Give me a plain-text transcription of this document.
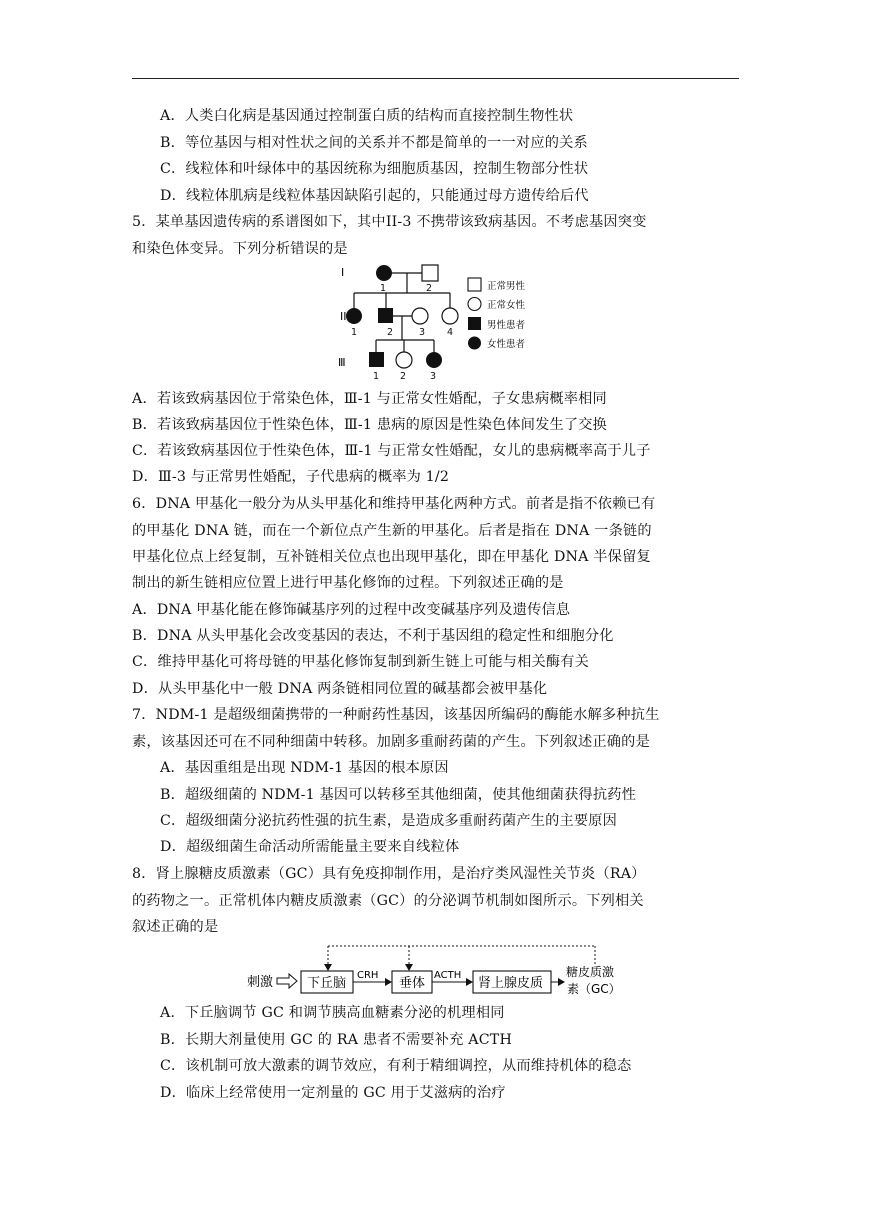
A．人类白化病是基因通过控制蛋白质的结构而直接控制生物性状
B．等位基因与相对性状之间的关系并不都是简单的一一对应的关系
C．线粒体和叶绿体中的基因统称为细胞质基因，控制生物部分性状
D．线粒体肌病是线粒体基因缺陷引起的，只能通过母方遗传给后代
5．某单基因遗传病的系谱图如下，其中II-3 不携带该致病基因。不考虑基因突变
和染色体变异。下列分析错误的是
I
II
Ⅲ
1	2
1	2	3 4
1 2	3
正常男性
正常女性
男性患者
女性患者
A．若该致病基因位于常染色体，Ⅲ-1 与正常女性婚配，子女患病概率相同
B．若该致病基因位于性染色体，Ⅲ-1 患病的原因是性染色体间发生了交换
C．若该致病基因位于性染色体，Ⅲ-1 与正常女性婚配，女儿的患病概率高于儿子
D．Ⅲ-3 与正常男性婚配，子代患病的概率为 1/2
6．DNA 甲基化一般分为从头甲基化和维持甲基化两种方式。前者是指不依赖已有
的甲基化 DNA 链，而在一个新位点产生新的甲基化。后者是指在 DNA 一条链的
甲基化位点上经复制，互补链相关位点也出现甲基化，即在甲基化 DNA 半保留复
制出的新生链相应位置上进行甲基化修饰的过程。下列叙述正确的是
A．DNA 甲基化能在修饰碱基序列的过程中改变碱基序列及遗传信息
B．DNA 从头甲基化会改变基因的表达，不利于基因组的稳定性和细胞分化
C．维持甲基化可将母链的甲基化修饰复制到新生链上可能与相关酶有关
D．从头甲基化中一般 DNA 两条链相同位置的碱基都会被甲基化
7．NDM-1 是超级细菌携带的一种耐药性基因，该基因所编码的酶能水解多种抗生
素，该基因还可在不同种细菌中转移。加剧多重耐药菌的产生。下列叙述正确的是
A．基因重组是出现 NDM-1 基因的根本原因
B．超级细菌的 NDM-1 基因可以转移至其他细菌，使其他细菌获得抗药性
C．超级细菌分泌抗药性强的抗生素，是造成多重耐药菌产生的主要原因
D．超级细菌生命活动所需能量主要来自线粒体
8．肾上腺糖皮质激素（GC）具有免疫抑制作用，是治疗类风湿性关节炎（RA）
的药物之一。正常机体内糖皮质激素（GC）的分泌调节机制如图所示。下列相关
叙述正确的是
刺激	下丘脑
CRH
垂体
ACTH
肾上腺皮质
糖皮质激
素（GC）
A．下丘脑调节 GC 和调节胰高血糖素分泌的机理相同
B．长期大剂量使用 GC 的 RA 患者不需要补充 ACTH
C．该机制可放大激素的调节效应，有利于精细调控，从而维持机体的稳态
D．临床上经常使用一定剂量的 GC 用于艾滋病的治疗
